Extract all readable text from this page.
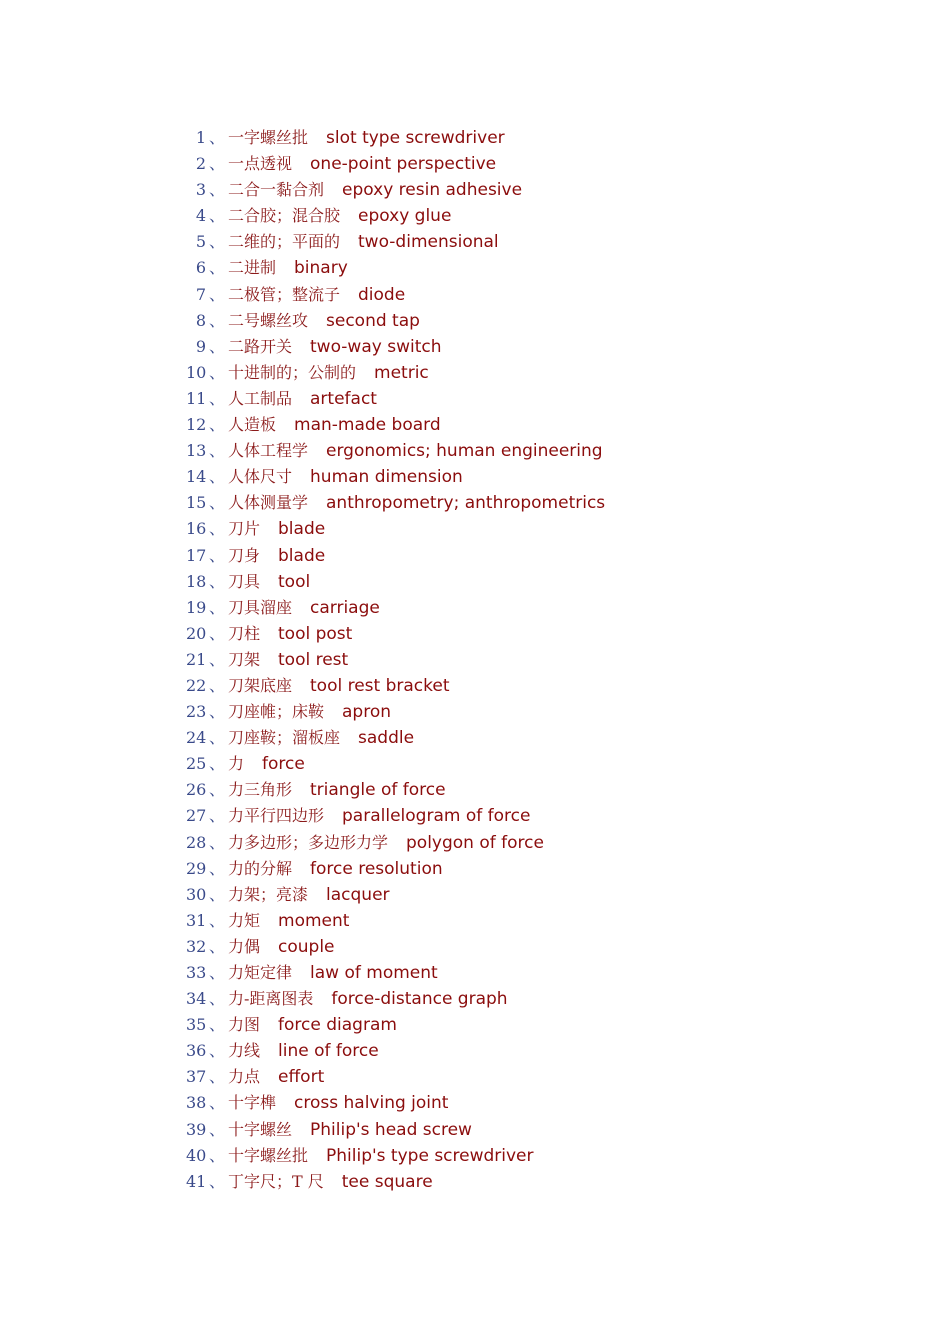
1 、 一字螺丝批 slot type screwdriver
2 、 一点透视 one-point perspective
3 、 二合一黏合剂 epoxy resin adhesive
4 、 二合胶；混合胶 epoxy glue
5 、 二维的；平面的 two-dimensional
6 、 二进制 binary
7 、 二极管；整流子 diode
8 、 二号螺丝攻 second tap
9 、 二路开关 two-way switch
10 、 十进制的；公制的 metric
11 、 人工制品 artefact
12 、 人造板 man-made board
13 、 人体工程学 ergonomics; human engineering
14 、 人体尺寸 human dimension
15 、 人体测量学 anthropometry; anthropometrics
16 、 刀片 blade
17 、 刀身 blade
18 、 刀具 tool
19 、 刀具溜座 carriage
20 、 刀柱 tool post
21 、 刀架 tool rest
22 、 刀架底座 tool rest bracket
23 、 刀座帷；床鞍 apron
24 、 刀座鞍；溜板座 saddle
25 、 力 force
26 、 力三角形 triangle of force
27 、 力平行四边形 parallelogram of force
28 、 力多边形；多边形力学 polygon of force
29 、 力的分解 force resolution
30 、 力架；亮漆 lacquer
31 、 力矩 moment
32 、 力偶 couple
33 、 力矩定律 law of moment
34 、 力-距离图表 force-distance graph
35 、 力图 force diagram
36 、 力线 line of force
37 、 力点 effort
38 、 十字榫 cross halving joint
39 、 十字螺丝 Philip's head screw
40 、 十字螺丝批 Philip's type screwdriver
41 、 丁字尺；T 尺 tee square
